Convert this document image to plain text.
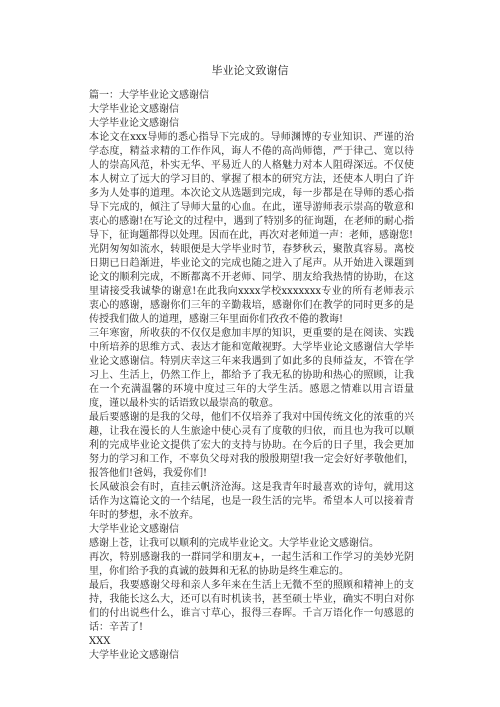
毕业论文致谢信

篇一：大学毕业论文感谢信

大学毕业论文感谢信

大学毕业论文感谢信

本论文在xxx导师的悉心指导下完成的。导师渊博的专业知识、严谨的治学态度，精益求精的工作作风，诲人不倦的高尚师德，严于律己、宽以待人的崇高风范，朴实无华、平易近人的人格魅力对本人阻碍深远。不仅使本人树立了远大的学习目的、掌握了根本的研究方法，还使本人明白了许多为人处事的道理。本次论文从选题到完成，每一步都是在导师的悉心指导下完成的，倾注了导师大量的心血。在此，谨导游师表示崇高的敬意和衷心的感谢!在写论文的过程中，遇到了特别多的征询题，在老师的耐心指导下，征询题都得以处理。因而在此，再次对老师道一声：老师，感谢您!

光阴匆匆如流水，转眼便是大学毕业时节，春梦秋云，聚散真容易。离校日期已日趋渐进，毕业论文的完成也随之进入了尾声。从开始进入课题到论文的顺利完成，不断都离不开老师、同学、朋友给我热情的协助，在这里请接受我诚挚的谢意!在此我向xxxx学校xxxxxxx专业的所有老师表示衷心的感谢，感谢你们三年的辛勤栽培，感谢你们在教学的同时更多的是传授我们做人的道理，感谢三年里面你们孜孜不倦的教诲!

三年寒窗，所收获的不仅仅是愈加丰厚的知识，更重要的是在阅读、实践中所培养的思维方式、表达才能和宽敞视野。大学毕业论文感谢信大学毕业论文感谢信。特别庆幸这三年来我遇到了如此多的良师益友，不管在学习上、生活上，仍然工作上，都给予了我无私的协助和热心的照顾，让我在一个充满温馨的环境中度过三年的大学生活。感恩之情难以用言语量度，谨以最朴实的话语致以最崇高的敬意。

最后要感谢的是我的父母，他们不仅培养了我对中国传统文化的浓重的兴趣，让我在漫长的人生旅途中使心灵有了度敬的归依，而且也为我可以顺利的完成毕业论文提供了宏大的支持与协助。在今后的日子里，我会更加努力的学习和工作，不辜负父母对我的殷殷期望!我一定会好好孝敬他们，报答他们!爸妈，我爱你们!

长风破浪会有时，直挂云帆济沧海。这是我青年时最喜欢的诗句，就用这话作为这篇论文的一个结尾，也是一段生活的完毕。希望本人可以接着青年时的梦想，永不放弃。

大学毕业论文感谢信

感谢上苍，让我可以顺利的完成毕业论文。大学毕业论文感谢信。

再次，特别感谢我的一群同学和朋友+，一起生活和工作学习的美妙光阴里，你们给予我的真诚的鼓舞和无私的协助是终生难忘的。

最后，我要感谢父母和亲人多年来在生活上无微不至的照顾和精神上的支持，我能长这么大，还可以有时机读书，甚至硕士毕业，确实不明白对你们的付出说些什么，谁言寸草心，报得三春晖。千言万语化作一句感恩的话：辛苦了!

XXX

大学毕业论文感谢信
